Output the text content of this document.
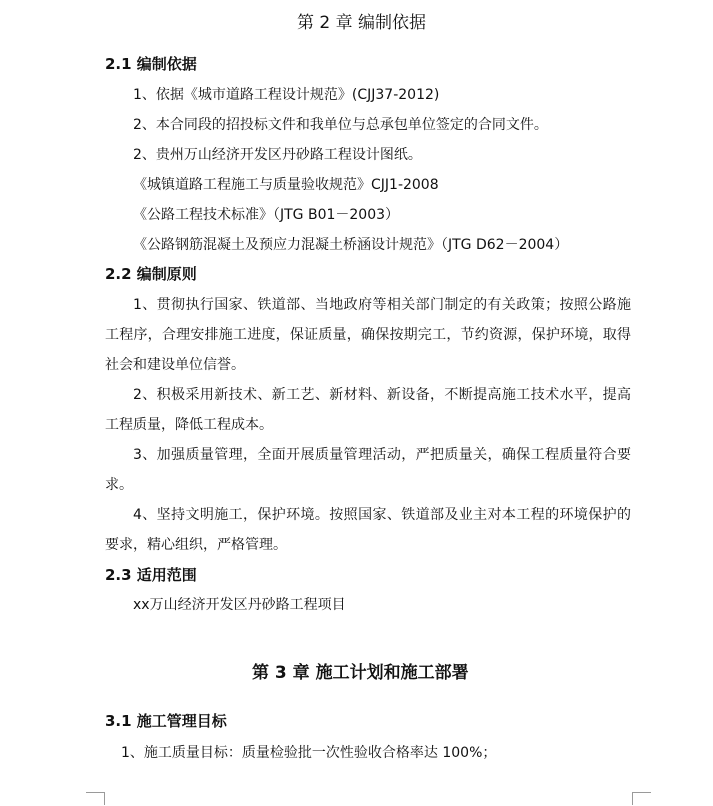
第 2 章 编制依据
2.1 编制依据
1、依据《城市道路工程设计规范》(CJJ37-2012)
2、本合同段的招投标文件和我单位与总承包单位签定的合同文件。
2、贵州万山经济开发区丹砂路工程设计图纸。
《城镇道路工程施工与质量验收规范》CJJ1-2008
《公路工程技术标准》（JTG B01－2003）
《公路钢筋混凝土及预应力混凝土桥涵设计规范》（JTG D62－2004）
2.2 编制原则
1、贯彻执行国家、铁道部、当地政府等相关部门制定的有关政策；按照公路施
工程序，合理安排施工进度，保证质量，确保按期完工，节约资源，保护环境，取得
社会和建设单位信誉。
2、积极采用新技术、新工艺、新材料、新设备，不断提高施工技术水平，提高
工程质量，降低工程成本。
3、加强质量管理，全面开展质量管理活动，严把质量关，确保工程质量符合要
求。
4、坚持文明施工，保护环境。按照国家、铁道部及业主对本工程的环境保护的
要求，精心组织，严格管理。
2.3 适用范围
xx万山经济开发区丹砂路工程项目
第 3 章 施工计划和施工部署
3.1 施工管理目标
1、施工质量目标：质量检验批一次性验收合格率达 100%；
